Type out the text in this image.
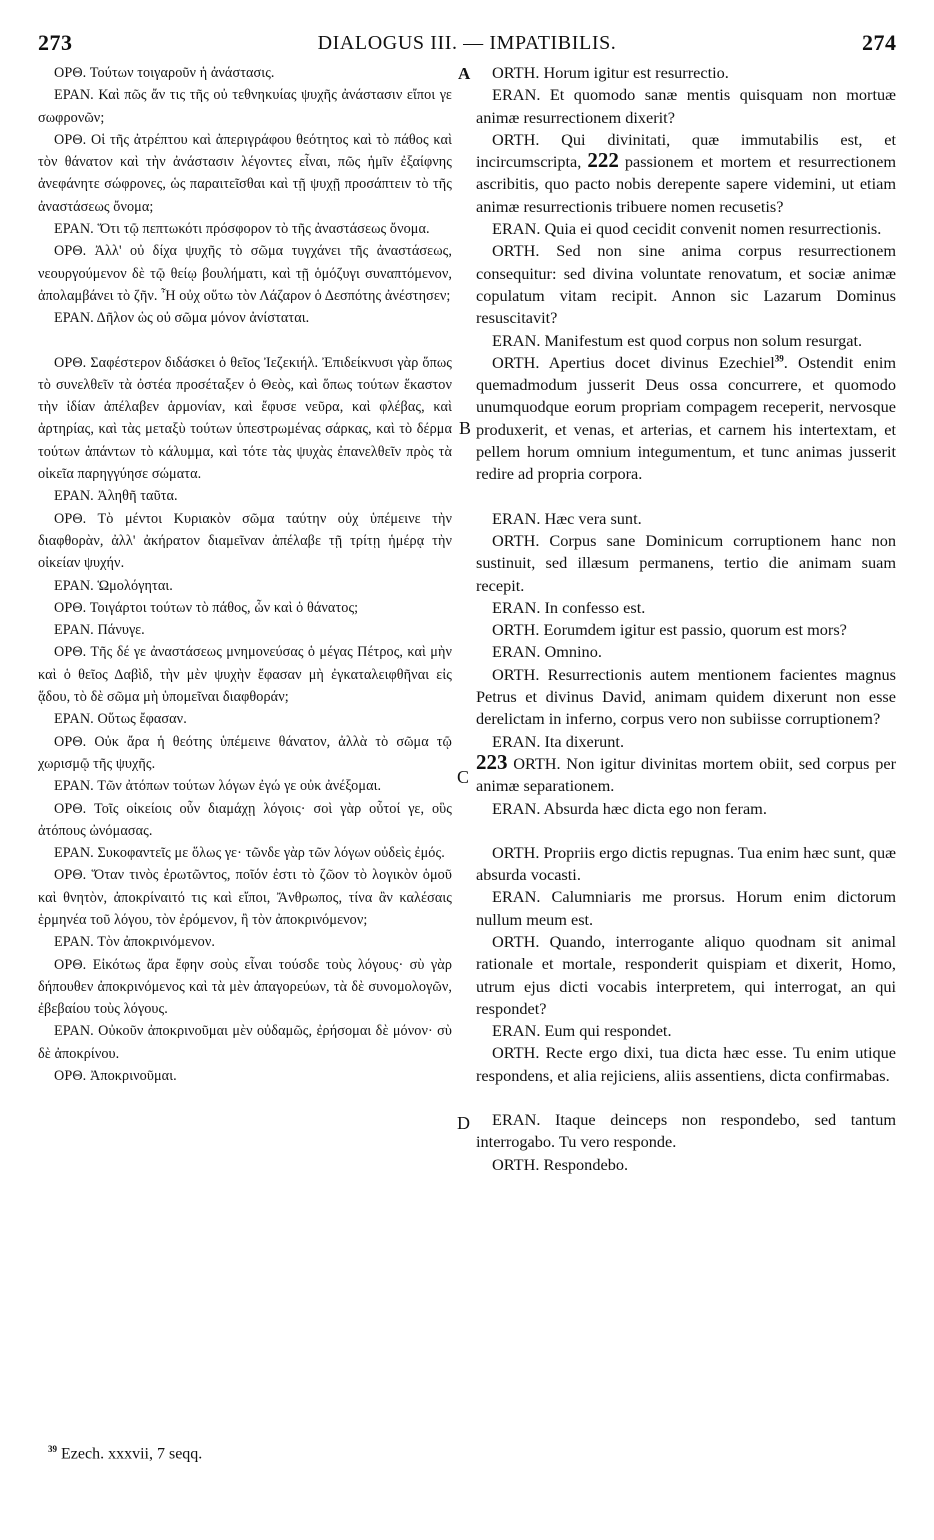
273	DIALOGUS III. — IMPATIBILIS.	274
A
B
C
D

ΟΡΘ. Τούτων τοιγαροῦν ἡ ἀνάστασις.

ΕΡΑΝ. Καὶ πῶς ἄν τις τῆς οὐ τεθνηκυίας ψυχῆς ἀνάστασιν εἴποι γε σωφρονῶν;

ΟΡΘ. Οἱ τῆς ἀτρέπτου καὶ ἀπεριγράφου θεότητος καὶ τὸ πάθος καὶ τὸν θάνατον καὶ τὴν ἀνάστασιν λέγοντες εἶναι, πῶς ἡμῖν ἐξαίφνης ἀνεφάνητε σώφρονες, ὡς παραιτεῖσθαι καὶ τῇ ψυχῇ προσάπτειν τὸ τῆς ἀναστάσεως ὄνομα;

ΕΡΑΝ. Ὅτι τῷ πεπτωκότι πρόσφορον τὸ τῆς ἀναστάσεως ὄνομα.

ΟΡΘ. Ἀλλ' οὐ δίχα ψυχῆς τὸ σῶμα τυγχάνει τῆς ἀναστάσεως, νεουργούμενον δὲ τῷ θείῳ βουλήματι, καὶ τῇ ὁμόζυγι συναπτόμενον, ἀπολαμβάνει τὸ ζῆν. Ἦ οὐχ οὕτω τὸν Λάζαρον ὁ Δεσπότης ἀνέστησεν;

ΕΡΑΝ. Δῆλον ὡς οὐ σῶμα μόνον ἀνίσταται.

ΟΡΘ. Σαφέστερον διδάσκει ὁ θεῖος Ἰεζεκιήλ. Ἐπιδείκνυσι γὰρ ὅπως τὸ συνελθεῖν τὰ ὀστέα προσέταξεν ὁ Θεὸς, καὶ ὅπως τούτων ἕκαστον τὴν ἰδίαν ἀπέλαβεν ἁρμονίαν, καὶ ἔφυσε νεῦρα, καὶ φλέβας, καὶ ἀρτηρίας, καὶ τὰς μεταξὺ τούτων ὑπεστρωμένας σάρκας, καὶ τὸ δέρμα τούτων ἁπάντων τὸ κάλυμμα, καὶ τότε τὰς ψυχὰς ἐπανελθεῖν πρὸς τὰ οἰκεῖα παρηγγύησε σώματα.

ΕΡΑΝ. Ἀληθῆ ταῦτα.

ΟΡΘ. Τὸ μέντοι Κυριακὸν σῶμα ταύτην οὐχ ὑπέμεινε τὴν διαφθορὰν, ἀλλ' ἀκήρατον διαμεῖναν ἀπέλαβε τῇ τρίτῃ ἡμέρᾳ τὴν οἰκείαν ψυχήν.

ΕΡΑΝ. Ὡμολόγηται.

ΟΡΘ. Τοιγάρτοι τούτων τὸ πάθος, ὧν καὶ ὁ θάνατος;

ΕΡΑΝ. Πάνυγε.

ΟΡΘ. Τῆς δέ γε ἀναστάσεως μνημονεύσας ὁ μέγας Πέτρος, καὶ μὴν καὶ ὁ θεῖος Δαβὶδ, τὴν μὲν ψυχὴν ἔφασαν μὴ ἐγκαταλειφθῆναι εἰς ᾅδου, τὸ δὲ σῶμα μὴ ὑπομεῖναι διαφθοράν;

ΕΡΑΝ. Οὕτως ἔφασαν.

ΟΡΘ. Οὐκ ἄρα ἡ θεότης ὑπέμεινε θάνατον, ἀλλὰ τὸ σῶμα τῷ χωρισμῷ τῆς ψυχῆς.

ΕΡΑΝ. Τῶν ἀτόπων τούτων λόγων ἐγώ γε οὐκ ἀνέξομαι.

ΟΡΘ. Τοῖς οἰκείοις οὖν διαμάχῃ λόγοις· σοὶ γὰρ οὗτοί γε, οὓς ἀτόπους ὠνόμασας.

ΕΡΑΝ. Συκοφαντεῖς με ὅλως γε· τῶνδε γὰρ τῶν λόγων οὐδεὶς ἐμός.

ΟΡΘ. Ὅταν τινὸς ἐρωτῶντος, ποῖόν ἐστι τὸ ζῶον τὸ λογικὸν ὁμοῦ καὶ θνητὸν, ἀποκρίναιτό τις καὶ εἴποι, Ἄνθρωπος, τίνα ἂν καλέσαις ἑρμηνέα τοῦ λόγου, τὸν ἐρόμενον, ἢ τὸν ἀποκρινόμενον;

ΕΡΑΝ. Τὸν ἀποκρινόμενον.

ΟΡΘ. Εἰκότως ἄρα ἔφην σοὺς εἶναι τούσδε τοὺς λόγους· σὺ γὰρ δήπουθεν ἀποκρινόμενος καὶ τὰ μὲν ἀπαγορεύων, τὰ δὲ συνομολογῶν, ἐβεβαίου τοὺς λόγους.

ΕΡΑΝ. Οὐκοῦν ἀποκρινοῦμαι μὲν οὐδαμῶς, ἐρήσομαι δὲ μόνον· σὺ δὲ ἀποκρίνου.

ΟΡΘ. Ἀποκρινοῦμαι.

ORTH. Horum igitur est resurrectio.

ERAN. Et quomodo sanæ mentis quisquam non mortuæ animæ resurrectionem dixerit?

ORTH. Qui divinitati, quæ immutabilis est, et incircumscripta, 222 passionem et mortem et resurrectionem ascribitis, quo pacto nobis derepente sapere videmini, ut etiam animæ resurrectionis tribuere nomen recusetis?

ERAN. Quia ei quod cecidit convenit nomen resurrectionis.

ORTH. Sed non sine anima corpus resurrectionem consequitur: sed divina voluntate renovatum, et sociæ animæ copulatum vitam recipit. Annon sic Lazarum Dominus resuscitavit?

ERAN. Manifestum est quod corpus non solum resurgat.

ORTH. Apertius docet divinus Ezechiel$^{39}$. Ostendit enim quemadmodum jusserit Deus ossa concurrere, et quomodo unumquodque eorum propriam compagem receperit, nervosque produxerit, et venas, et arterias, et carnem his intertextam, et pellem horum omnium integumentum, et tunc animas jusserit redire ad propria corpora.

ERAN. Hæc vera sunt.

ORTH. Corpus sane Dominicum corruptionem hanc non sustinuit, sed illæsum permanens, tertio die animam suam recepit.

ERAN. In confesso est.

ORTH. Eorumdem igitur est passio, quorum est mors?

ERAN. Omnino.

ORTH. Resurrectionis autem mentionem facientes magnus Petrus et divinus David, animam quidem dixerunt non esse derelictam in inferno, corpus vero non subiisse corruptionem?

ERAN. Ita dixerunt.

223 ORTH. Non igitur divinitas mortem obiit, sed corpus per animæ separationem.

ERAN. Absurda hæc dicta ego non feram.

ORTH. Propriis ergo dictis repugnas. Tua enim hæc sunt, quæ absurda vocasti.

ERAN. Calumniaris me prorsus. Horum enim dictorum nullum meum est.

ORTH. Quando, interrogante aliquo quodnam sit animal rationale et mortale, responderit quispiam et dixerit, Homo, utrum ejus dicti vocabis interpretem, qui interrogat, an qui respondet?

ERAN. Eum qui respondet.

ORTH. Recte ergo dixi, tua dicta hæc esse. Tu enim utique respondens, et alia rejiciens, aliis assentiens, dicta confirmabas.

ERAN. Itaque deinceps non respondebo, sed tantum interrogabo. Tu vero responde.

ORTH. Respondebo.

$^{39}$ Ezech. xxxvii, 7 seqq.
